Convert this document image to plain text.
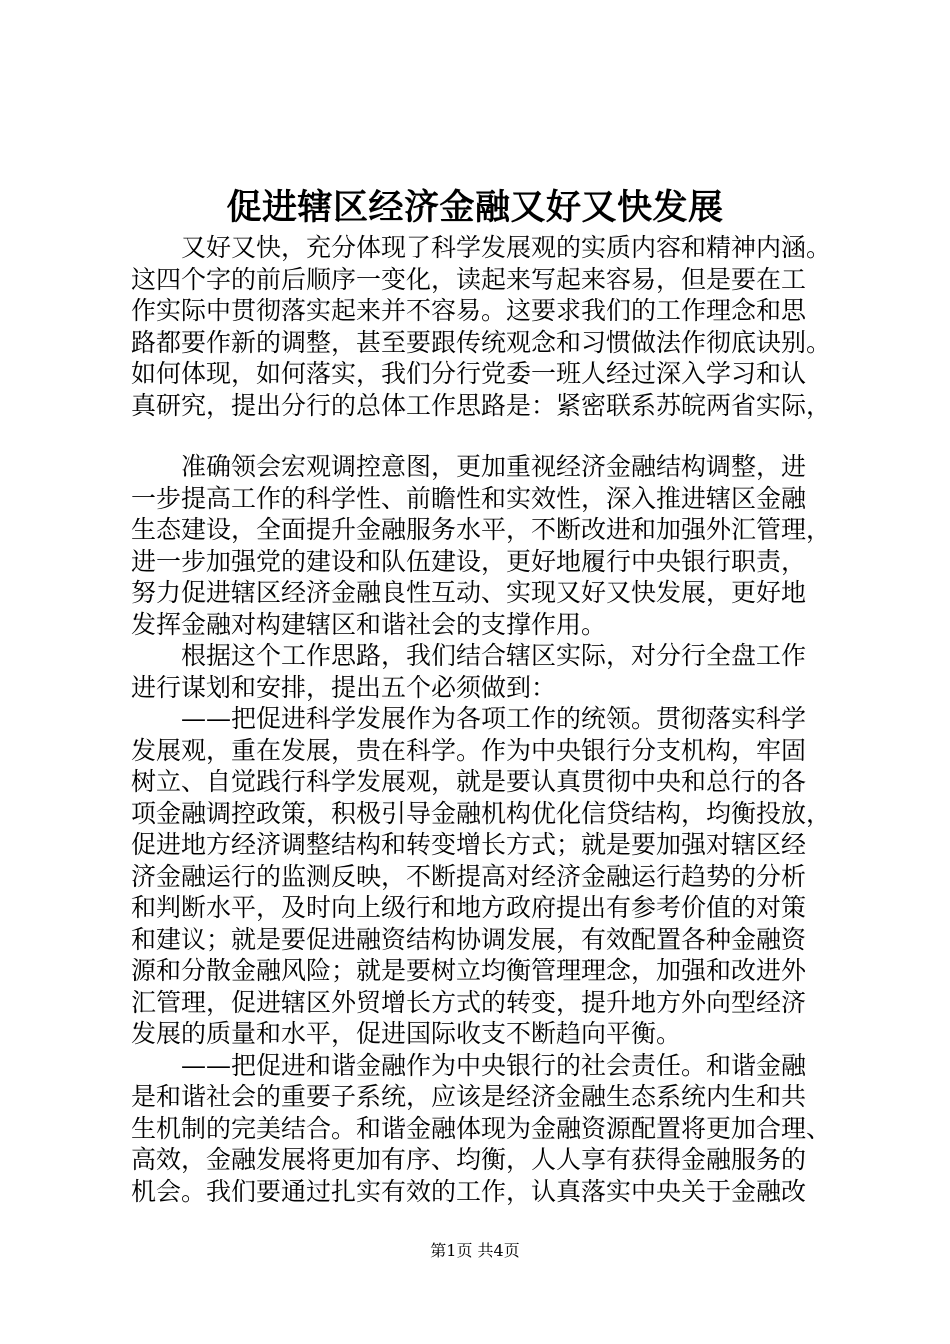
促进辖区经济金融又好又快发展
　　又好又快，充分体现了科学发展观的实质内容和精神内涵。
这四个字的前后顺序一变化，读起来写起来容易，但是要在工
作实际中贯彻落实起来并不容易。这要求我们的工作理念和思
路都要作新的调整，甚至要跟传统观念和习惯做法作彻底诀别。
如何体现，如何落实，我们分行党委一班人经过深入学习和认
真研究，提出分行的总体工作思路是：紧密联系苏皖两省实际，
　　准确领会宏观调控意图，更加重视经济金融结构调整，进
一步提高工作的科学性、前瞻性和实效性，深入推进辖区金融
生态建设，全面提升金融服务水平，不断改进和加强外汇管理，
进一步加强党的建设和队伍建设，更好地履行中央银行职责，
努力促进辖区经济金融良性互动、实现又好又快发展，更好地
发挥金融对构建辖区和谐社会的支撑作用。
　　根据这个工作思路，我们结合辖区实际，对分行全盘工作
进行谋划和安排，提出五个必须做到：
　　——把促进科学发展作为各项工作的统领。贯彻落实科学
发展观，重在发展，贵在科学。作为中央银行分支机构，牢固
树立、自觉践行科学发展观，就是要认真贯彻中央和总行的各
项金融调控政策，积极引导金融机构优化信贷结构，均衡投放，
促进地方经济调整结构和转变增长方式；就是要加强对辖区经
济金融运行的监测反映，不断提高对经济金融运行趋势的分析
和判断水平，及时向上级行和地方政府提出有参考价值的对策
和建议；就是要促进融资结构协调发展，有效配置各种金融资
源和分散金融风险；就是要树立均衡管理理念，加强和改进外
汇管理，促进辖区外贸增长方式的转变，提升地方外向型经济
发展的质量和水平，促进国际收支不断趋向平衡。
　　——把促进和谐金融作为中央银行的社会责任。和谐金融
是和谐社会的重要子系统，应该是经济金融生态系统内生和共
生机制的完美结合。和谐金融体现为金融资源配置将更加合理、
高效，金融发展将更加有序、均衡，人人享有获得金融服务的
机会。我们要通过扎实有效的工作，认真落实中央关于金融改
第1页 共4页
